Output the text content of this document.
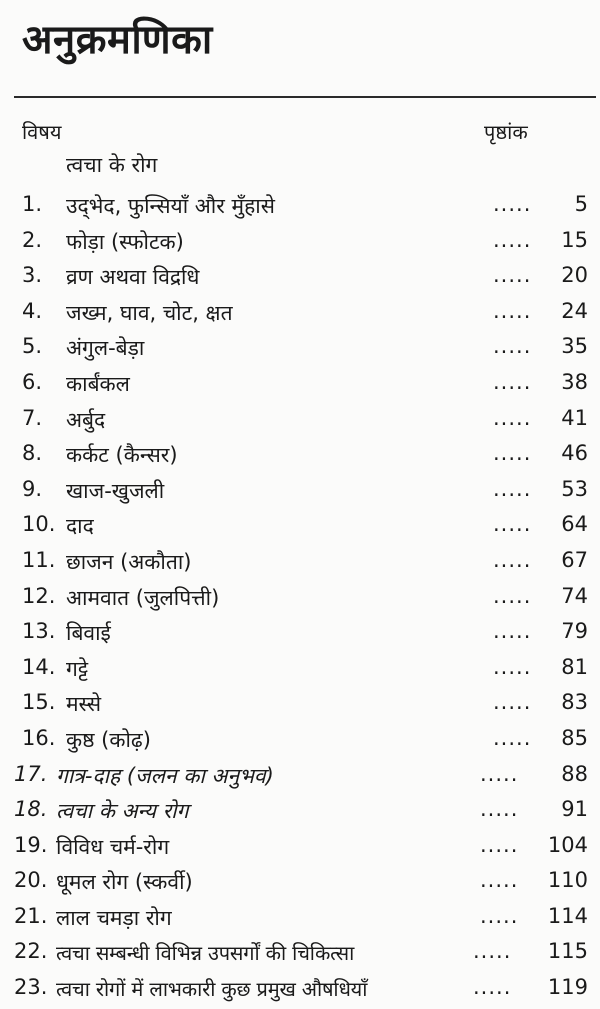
अनुक्रमणिका
विषय	पृष्ठांक
त्वचा के रोग
1. उद्‌भेद, फुन्सियाँ और मुँहासे	.....	5
2. फोड़ा (स्फोटक)	.....	15
3. व्रण अथवा विद्रधि	.....	20
4. जख्म, घाव, चोट, क्षत	.....	24
5. अंगुल-बेड़ा	.....	35
6. कार्बंकल	.....	38
7. अर्बुद	.....	41
8. कर्कट (कैन्सर)	.....	46
9. खाज-खुजली	.....	53
10. दाद	.....	64
11. छाजन (अकौता)	.....	67
12. आमवात (जुलपित्ती)	.....	74
13. बिवाई	.....	79
14. गट्टे	.....	81
15. मस्से	.....	83
16. कुष्ठ (कोढ़)	.....	85
17. गात्र-दाह (जलन का अनुभव)	.....	88
18. त्वचा के अन्य रोग	.....	91
19. विविध चर्म-रोग	.....	104
20. धूमल रोग (स्कर्वी)	.....	110
21. लाल चमड़ा रोग	.....	114
22. त्वचा सम्बन्धी विभिन्न उपसर्गों की चिकित्सा	.....	115
23. त्वचा रोगों में लाभकारी कुछ प्रमुख औषधियाँ	.....	119
